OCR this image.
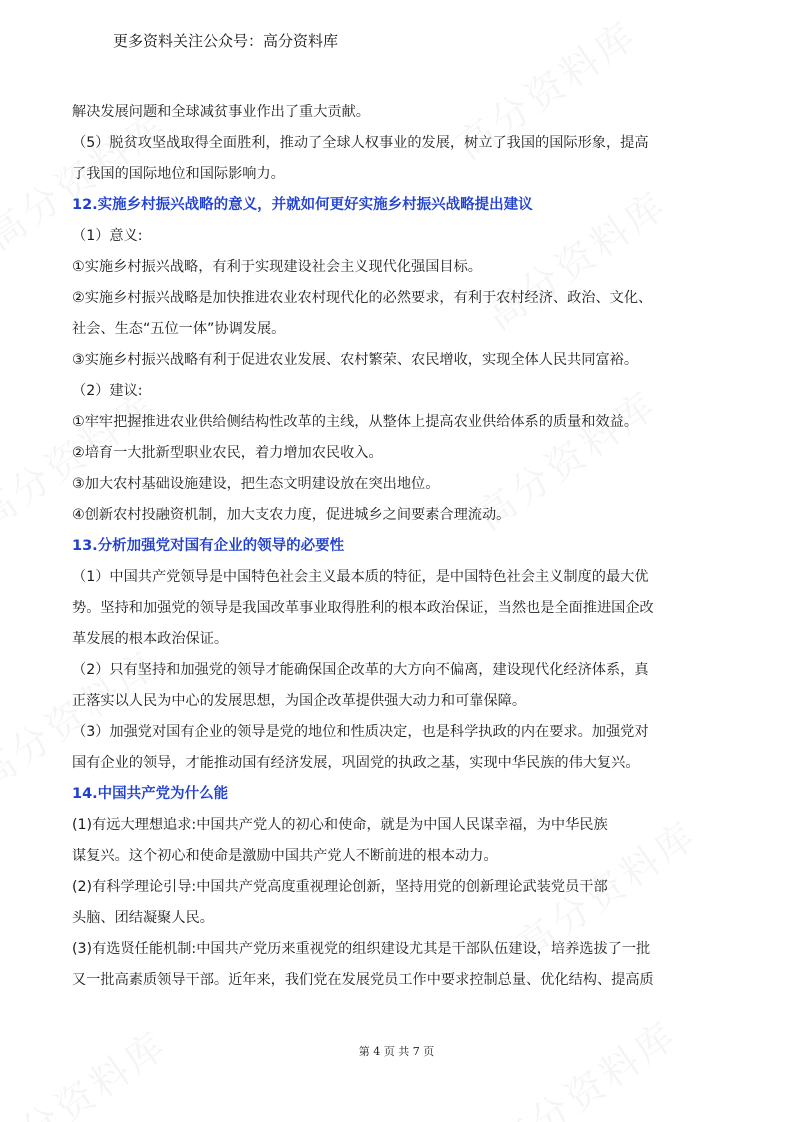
更多资料关注公众号：高分资料库
解决发展问题和全球减贫事业作出了重大贡献。
（5）脱贫攻坚战取得全面胜利，推动了全球人权事业的发展，树立了我国的国际形象，提高
了我国的国际地位和国际影响力。
12.实施乡村振兴战略的意义，并就如何更好实施乡村振兴战略提出建议
（1）意义:
①实施乡村振兴战略，有利于实现建设社会主义现代化强国目标。
②实施乡村振兴战略是加快推进农业农村现代化的必然要求，有利于农村经济、政治、文化、
社会、生态“五位一体”协调发展。
③实施乡村振兴战略有利于促进农业发展、农村繁荣、农民增收，实现全体人民共同富裕。
（2）建议:
①牢牢把握推进农业供给侧结构性改革的主线，从整体上提高农业供给体系的质量和效益。
②培育一大批新型职业农民，着力增加农民收入。
③加大农村基础设施建设，把生态文明建设放在突出地位。
④创新农村投融资机制，加大支农力度，促进城乡之间要素合理流动。
13.分析加强党对国有企业的领导的必要性
（1）中国共产党领导是中国特色社会主义最本质的特征，是中国特色社会主义制度的最大优
势。坚持和加强党的领导是我国改革事业取得胜利的根本政治保证，当然也是全面推进国企改
革发展的根本政治保证。
（2）只有坚持和加强党的领导才能确保国企改革的大方向不偏离，建设现代化经济体系，真
正落实以人民为中心的发展思想，为国企改革提供强大动力和可靠保障。
（3）加强党对国有企业的领导是党的地位和性质决定，也是科学执政的内在要求。加强党对
国有企业的领导，才能推动国有经济发展，巩固党的执政之基，实现中华民族的伟大复兴。
14.中国共产党为什么能
(1)有远大理想追求:中国共产党人的初心和使命，就是为中国人民谋幸福，为中华民族
谋复兴。这个初心和使命是激励中国共产党人不断前进的根本动力。
(2)有科学理论引导:中国共产党高度重视理论创新，坚持用党的创新理论武装党员干部
头脑、团结凝聚人民。
(3)有选贤任能机制:中国共产党历来重视党的组织建设尤其是干部队伍建设，培养选拔了一批
又一批高素质领导干部。近年来，我们党在发展党员工作中要求控制总量、优化结构、提高质
第 4 页 共 7 页
